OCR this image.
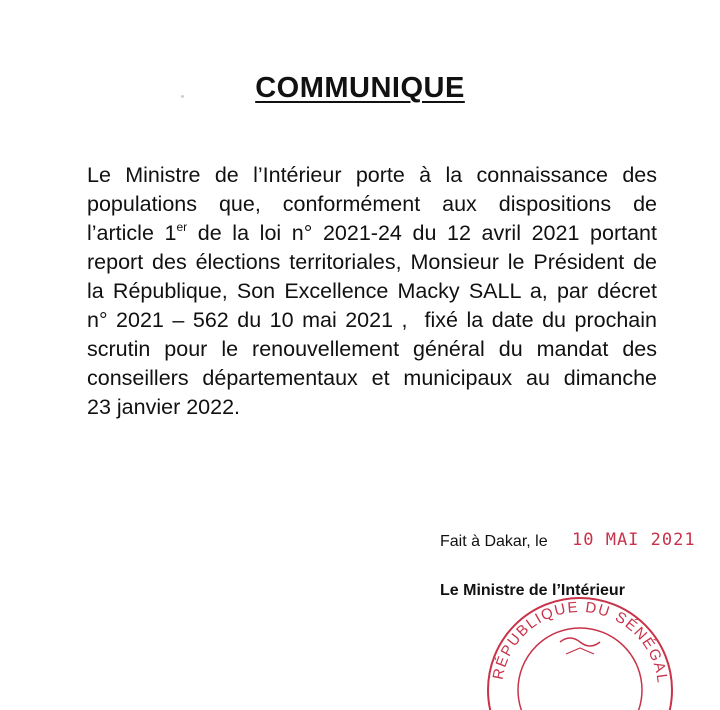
COMMUNIQUE
Le Ministre de l’Intérieur porte à la connaissance des
populations que, conformément aux dispositions de
l’article 1er de la loi n° 2021-24 du 12 avril 2021 portant
report des élections territoriales, Monsieur le Président de
la République, Son Excellence Macky SALL a, par décret
n° 2021 – 562 du 10 mai 2021 ,  fixé la date du prochain
scrutin pour le renouvellement général du mandat des
conseillers départementaux et municipaux au dimanche
23 janvier 2022.
Fait à Dakar, le 10 MAI 2021
RÉPUBLIQUE DU SÉNÉGAL
Le Ministre de l’Intérieur
